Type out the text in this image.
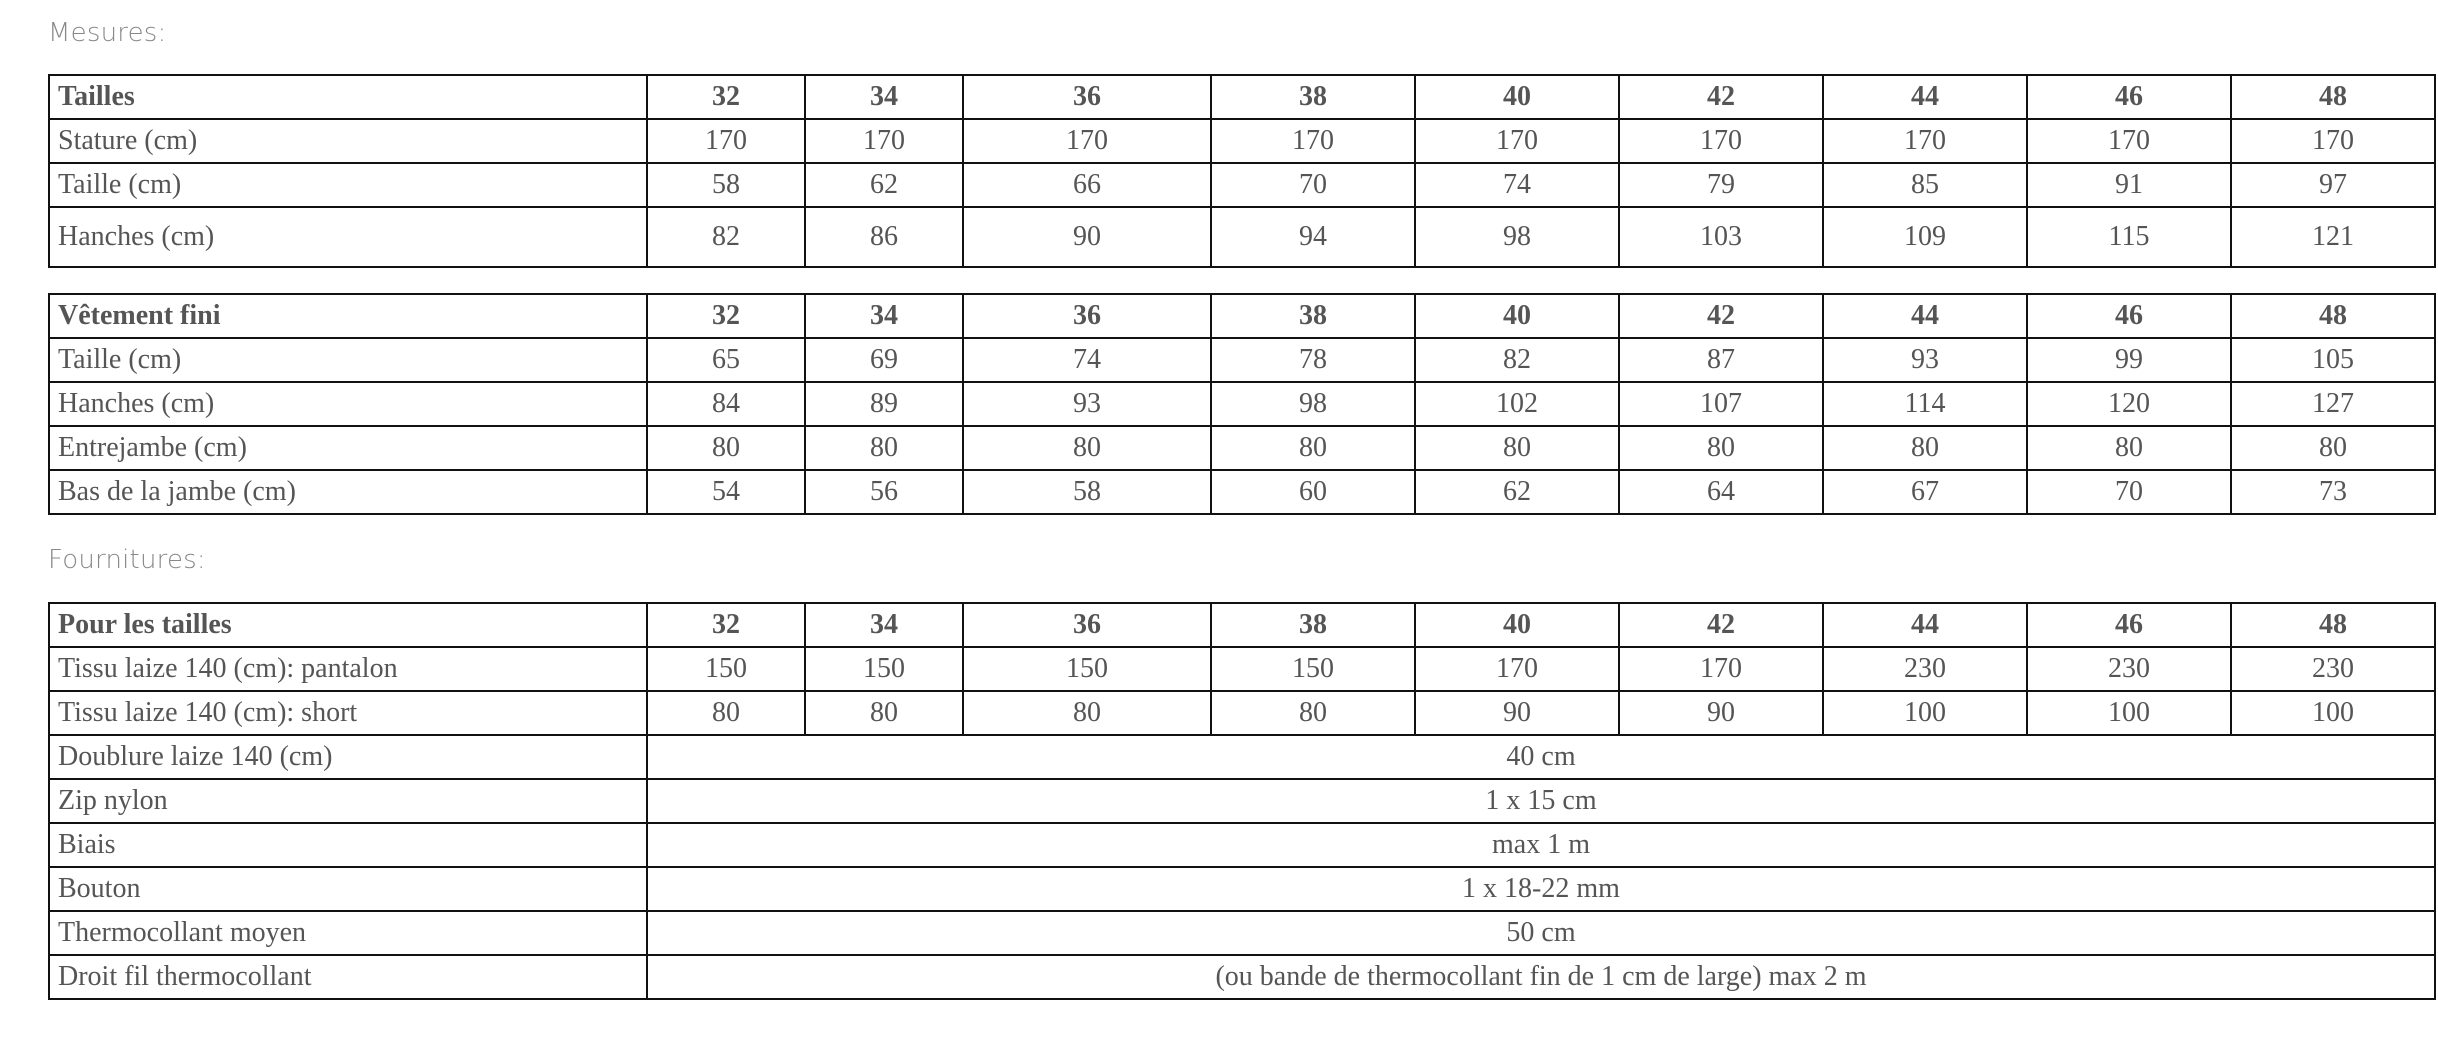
Mesures:
Tailles	32	34	36	38	40	42	44	46	48
Stature (cm)	170	170	170	170	170	170	170	170	170
Taille (cm)	58	62	66	70	74	79	85	91	97
Hanches (cm)	82	86	90	94	98	103	109	115	121
Vêtement fini	32	34	36	38	40	42	44	46	48
Taille (cm)	65	69	74	78	82	87	93	99	105
Hanches (cm)	84	89	93	98	102	107	114	120	127
Entrejambe (cm)	80	80	80	80	80	80	80	80	80
Bas de la jambe (cm)	54	56	58	60	62	64	67	70	73
Fournitures:
Pour les tailles	32	34	36	38	40	42	44	46	48
Tissu laize 140 (cm): pantalon	150	150	150	150	170	170	230	230	230
Tissu laize 140 (cm): short	80	80	80	80	90	90	100	100	100
Doublure laize 140 (cm)	40 cm								
Zip nylon	1 x 15 cm								
Biais	max 1 m								
Bouton	1 x 18-22 mm								
Thermocollant moyen	50 cm								
Droit fil thermocollant	(ou bande de thermocollant fin de 1 cm de large) max 2 m								
